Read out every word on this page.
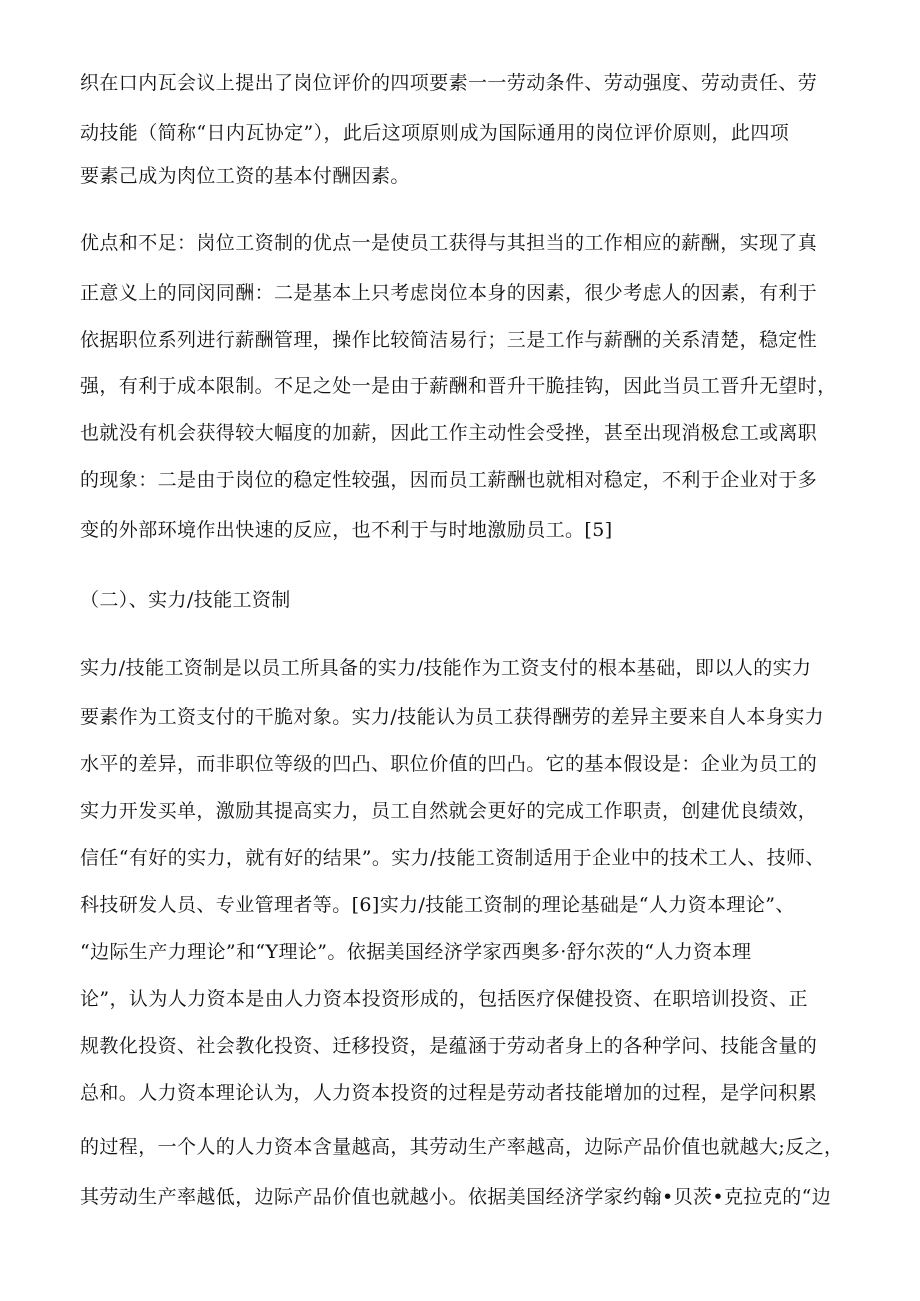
织在口内瓦会议上提出了岗位评价的四项要素一一劳动条件、劳动强度、劳动责任、劳
动技能（简称“日内瓦协定”），此后这项原则成为国际通用的岗位评价原则，此四项
要素己成为肉位工资的基本付酬因素。
优点和不足：岗位工资制的优点一是使员工获得与其担当的工作相应的薪酬，实现了真
正意义上的同闵同酬：二是基本上只考虑岗位本身的因素，很少考虑人的因素，有利于
依据职位系列进行薪酬管理，操作比较简洁易行；三是工作与薪酬的关系清楚，稳定性
强，有利于成本限制。不足之处一是由于薪酬和晋升干脆挂钩，因此当员工晋升无望时，
也就没有机会获得较大幅度的加薪，因此工作主动性会受挫，甚至出现消极怠工或离职
的现象：二是由于岗位的稳定性较强，因而员工薪酬也就相对稳定，不利于企业对于多
变的外部环境作出快速的反应，也不利于与时地激励员工。[5]
（二）、实力/技能工资制
实力/技能工资制是以员工所具备的实力/技能作为工资支付的根本基础，即以人的实力
要素作为工资支付的干脆对象。实力/技能认为员工获得酬劳的差异主要来自人本身实力
水平的差异，而非职位等级的凹凸、职位价值的凹凸。它的基本假设是：企业为员工的
实力开发买单，激励其提高实力，员工自然就会更好的完成工作职责，创建优良绩效，
信任“有好的实力，就有好的结果”。实力/技能工资制适用于企业中的技术工人、技师、
科技研发人员、专业管理者等。[6]实力/技能工资制的理论基础是“人力资本理论”、
“边际生产力理论”和“Y理论”。依据美国经济学家西奥多·舒尔茨的“人力资本理
论”，认为人力资本是由人力资本投资形成的，包括医疗保健投资、在职培训投资、正
规教化投资、社会教化投资、迁移投资，是蕴涵于劳动者身上的各种学问、技能含量的
总和。人力资本理论认为，人力资本投资的过程是劳动者技能增加的过程，是学问积累
的过程，一个人的人力资本含量越高，其劳动生产率越高，边际产品价值也就越大;反之，
其劳动生产率越低，边际产品价值也就越小。依据美国经济学家约翰•贝茨•克拉克的“边
